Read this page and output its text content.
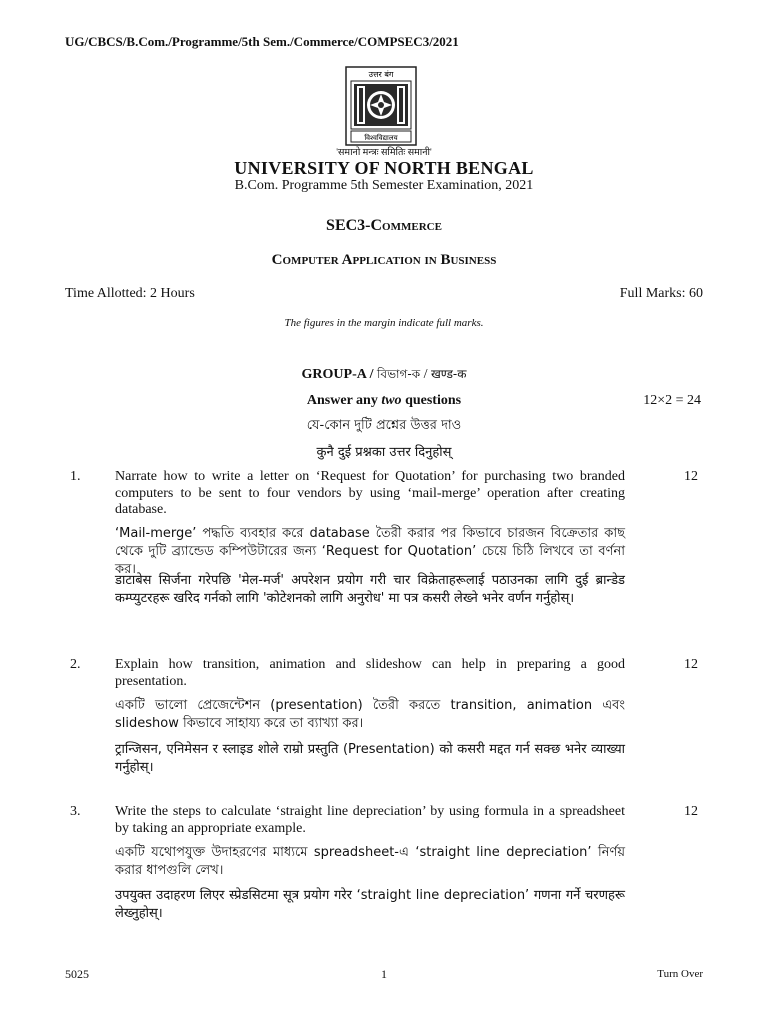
UG/CBCS/B.Com./Programme/5th Sem./Commerce/COMPSEC3/2021
उत्तर बंग
विश्वविद्यालय
'समानो मन्त्रः समितिः समानी'
UNIVERSITY OF NORTH BENGAL
B.Com. Programme 5th Semester Examination, 2021
SEC3-Commerce
Computer Application in Business
Time Allotted: 2 Hours	Full Marks: 60
The figures in the margin indicate full marks.
GROUP-A / বিভাগ-ক / खण्ड-क
Answer any two questions	12×2 = 24
যে-কোন দুটি প্রশ্নের উত্তর দাও
कुनै दुई प्रश्नका उत्तर दिनुहोस्
1.	12
Narrate how to write a letter on ‘Request for Quotation’ for purchasing two branded computers to be sent to four vendors by using ‘mail-merge’ operation after creating database.
‘Mail-merge’ পদ্ধতি ব্যবহার করে database তৈরী করার পর কিভাবে চারজন বিক্রেতার কাছ থেকে দুটি ব্র্যান্ডেড কম্পিউটারের জন্য ‘Request for Quotation’ চেয়ে চিঠি লিখবে তা বর্ণনা কর।
डाटाबेस सिर्जना गरेपछि 'मेल-मर्ज' अपरेशन प्रयोग गरी चार विक्रेताहरूलाई पठाउनका लागि दुई ब्रान्डेड कम्प्युटरहरू खरिद गर्नको लागि 'कोटेशनको लागि अनुरोध' मा पत्र कसरी लेख्ने भनेर वर्णन गर्नुहोस्।
2.	12
Explain how transition, animation and slideshow can help in preparing a good presentation.
একটি ভালো প্রেজেন্টেশন (presentation) তৈরী করতে transition, animation এবং slideshow কিভাবে সাহায্য করে তা ব্যাখ্যা কর।
ट्रान्जिसन, एनिमेसन र स्लाइड शोले राम्रो प्रस्तुति (Presentation) को कसरी मद्दत गर्न सक्छ भनेर व्याख्या गर्नुहोस्।
3.	12
Write the steps to calculate ‘straight line depreciation’ by using formula in a spreadsheet by taking an appropriate example.
একটি যথোপযুক্ত উদাহরণের মাধ্যমে spreadsheet-এ ‘straight line depreciation’ নির্ণয় করার ধাপগুলি লেখ।
उपयुक्त उदाहरण लिएर स्प्रेडसिटमा सूत्र प्रयोग गरेर ‘straight line depreciation’ गणना गर्ने चरणहरू लेख्नुहोस्।
5025	1	Turn Over
